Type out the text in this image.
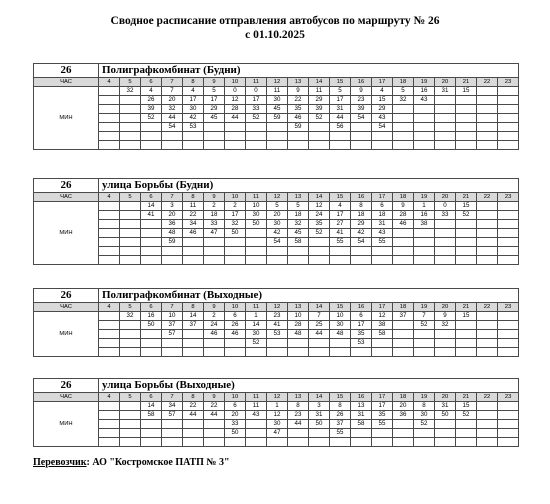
Сводное расписание отправления автобусов по маршруту № 26
с 01.10.2025
26	Полиграфкомбинат (Будни)																			
ЧАС	4	5	6	7	8	9	10	11	12	13	14	15	16	17	18	19	20	21	22	23
МИН		32	4	7	4	5	0	0	11	9	11	5	9	4	5	16	31	15		
			26	20	17	17	12	17	30	22	29	17	23	15	32	43				
			39	32	30	29	28	33	45	35	39	31	39	29						
			52	44	42	45	44	52	59	46	52	44	54	43						
				54	53					59		56		54						

26	улица Борьбы (Будни)																			
ЧАС	4	5	6	7	8	9	10	11	12	13	14	15	16	17	18	19	20	21	22	23
МИН			14	3	11	2	2	10	5	5	12	4	8	6	9	1	0	15		
			41	20	22	18	17	30	20	18	24	17	18	18	28	16	33	52		
				36	34	33	32	50	30	32	35	27	29	31	46	38				
				48	46	47	50		42	45	52	41	42	43						
				59					54	58		55	54	55						

26	Полиграфкомбинат (Выходные)																			
ЧАС	4	5	6	7	8	9	10	11	12	13	14	15	16	17	18	19	20	21	22	23
МИН		32	16	10	14	2	6	1	23	10	7	10	6	12	37	7	9	15		
			50	37	37	24	26	14	41	28	25	30	17	38		52	32			
				57		46	46	30	53	48	44	48	35	58						
								52					53							

26	улица Борьбы (Выходные)																			
ЧАС	4	5	6	7	8	9	10	11	12	13	14	15	16	17	18	19	20	21	22	23
МИН			14	34	22	22	6	11	1	8	3	8	13	17	20	8	31	15		
			58	57	44	44	20	43	12	23	31	26	31	35	36	30	50	52		
							33		30	44	50	37	58	55		52				
							50		47			55								

Перевозчик: АО "Костромское ПАТП № 3"
